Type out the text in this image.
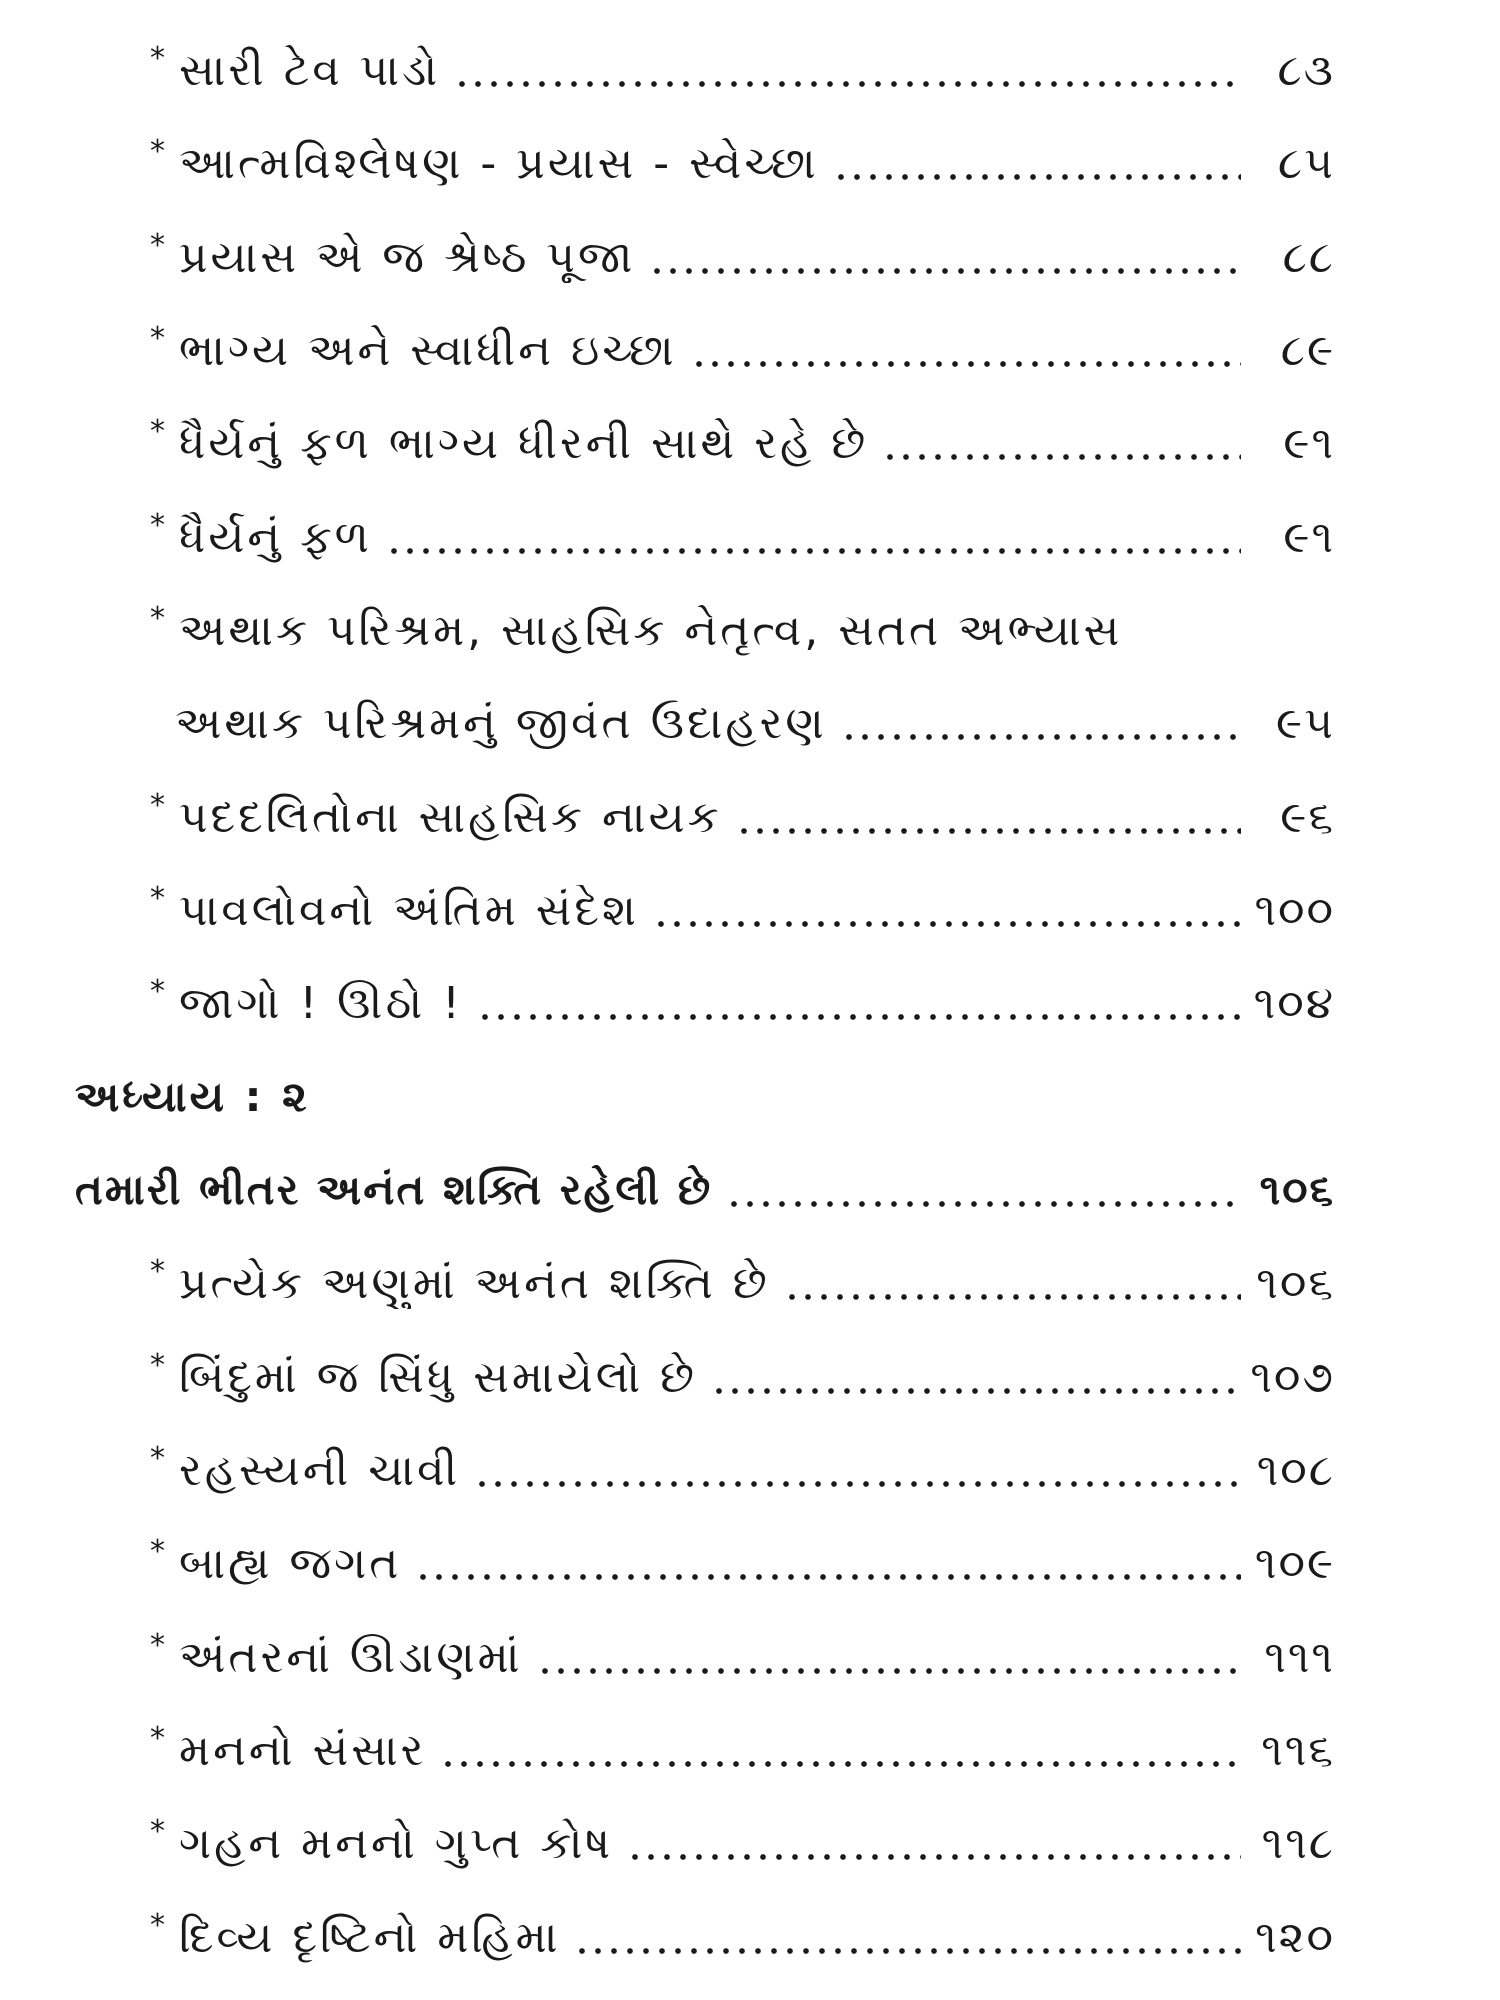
* સારી ટેવ પાડો	૮૩
* આત્મવિશ્લેષણ - પ્રયાસ - સ્વેચ્છા	૮૫
* પ્રયાસ એ જ શ્રેષ્ઠ પૂજા	૮૮
* ભાગ્ય અને સ્વાધીન ઇચ્છા	૮૯
* ધૈર્યનું ફળ ભાગ્ય ધીરની સાથે રહે છે	૯૧
* ધૈર્યનું ફળ	૯૧
* અથાક પરિશ્રમ, સાહસિક નેતૃત્વ, સતત અભ્યાસ
અથાક પરિશ્રમનું જીવંત ઉદાહરણ	૯૫
* પદદલિતોના સાહસિક નાયક	૯૬
* પાવલોવનો અંતિમ સંદેશ	૧૦૦
* જાગો ! ઊઠો !	૧૦૪
અધ્યાય : ૨
તમારી ભીતર અનંત શક્તિ રહેલી છે	૧૦૬
* પ્રત્યેક અણુમાં અનંત શક્તિ છે	૧૦૬
* બિંદુમાં જ સિંધુ સમાયેલો છે	૧૦૭
* રહસ્યની ચાવી	૧૦૮
* બાહ્ય જગત	૧૦૯
* અંતરનાં ઊંડાણમાં	૧૧૧
* મનનો સંસાર	૧૧૬
* ગહન મનનો ગુપ્ત કોષ	૧૧૮
* દિવ્ય દૃષ્ટિનો મહિમા	૧૨૦
